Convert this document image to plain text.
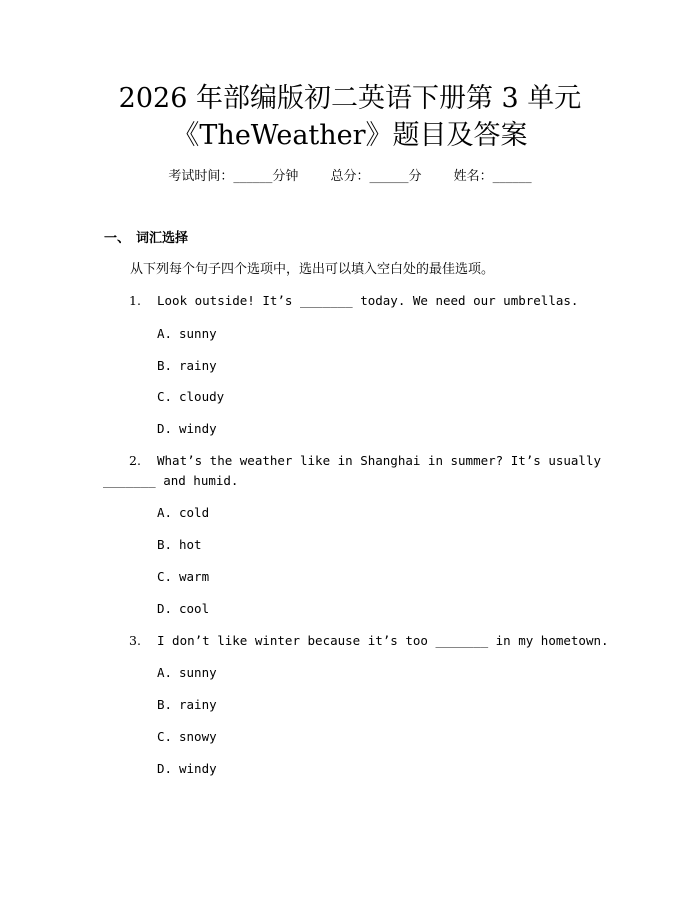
2026 年部编版初二英语下册第 3 单元
《TheWeather》题目及答案
考试时间：______分钟 总分：______分 姓名：______
一、 词汇选择
从下列每个句子四个选项中，选出可以填入空白处的最佳选项。
1. Look outside! It’s _______ today. We need our umbrellas.
A. sunny
B. rainy
C. cloudy
D. windy
2. What’s the weather like in Shanghai in summer? It’s usually
_______ and humid.
A. cold
B. hot
C. warm
D. cool
3. I don’t like winter because it’s too _______ in my hometown.
A. sunny
B. rainy
C. snowy
D. windy
